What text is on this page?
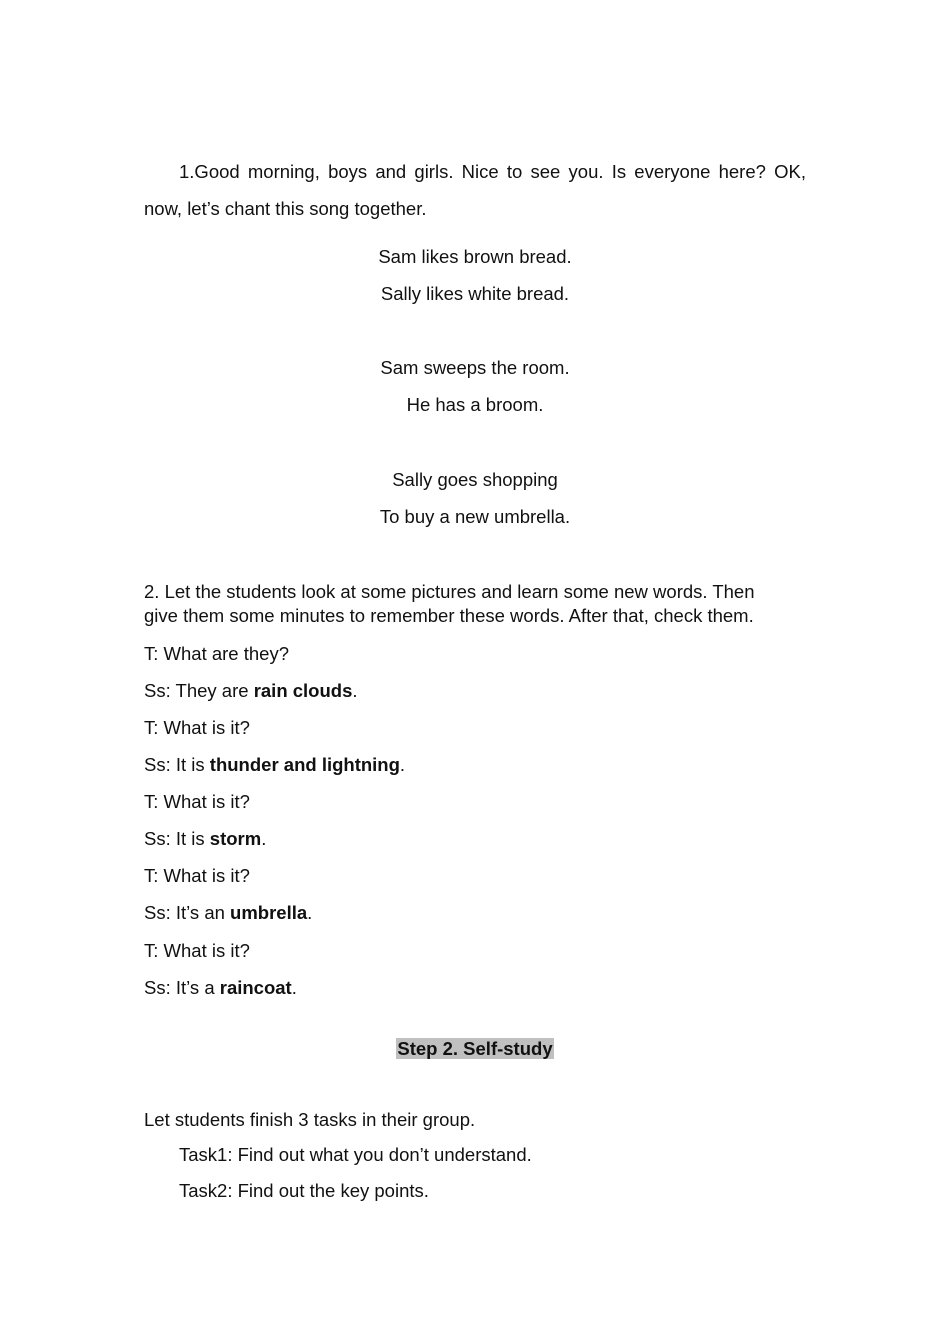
1.Good morning, boys and girls. Nice to see you. Is everyone here? OK,
now, let’s chant this song together.
Sam likes brown bread.
Sally likes white bread.
Sam sweeps the room.
He has a broom.
Sally goes shopping
To buy a new umbrella.
2. Let the students look at some pictures and learn some new words. Then
give them some minutes to remember these words. After that, check them.
T: What are they?
Ss: They are rain clouds.
T: What is it?
Ss: It is thunder and lightning.
T: What is it?
Ss: It is storm.
T: What is it?
Ss: It’s an umbrella.
T: What is it?
Ss: It’s a raincoat.
Step 2. Self-study
Let students finish 3 tasks in their group.
Task1: Find out what you don’t understand.
Task2: Find out the key points.
